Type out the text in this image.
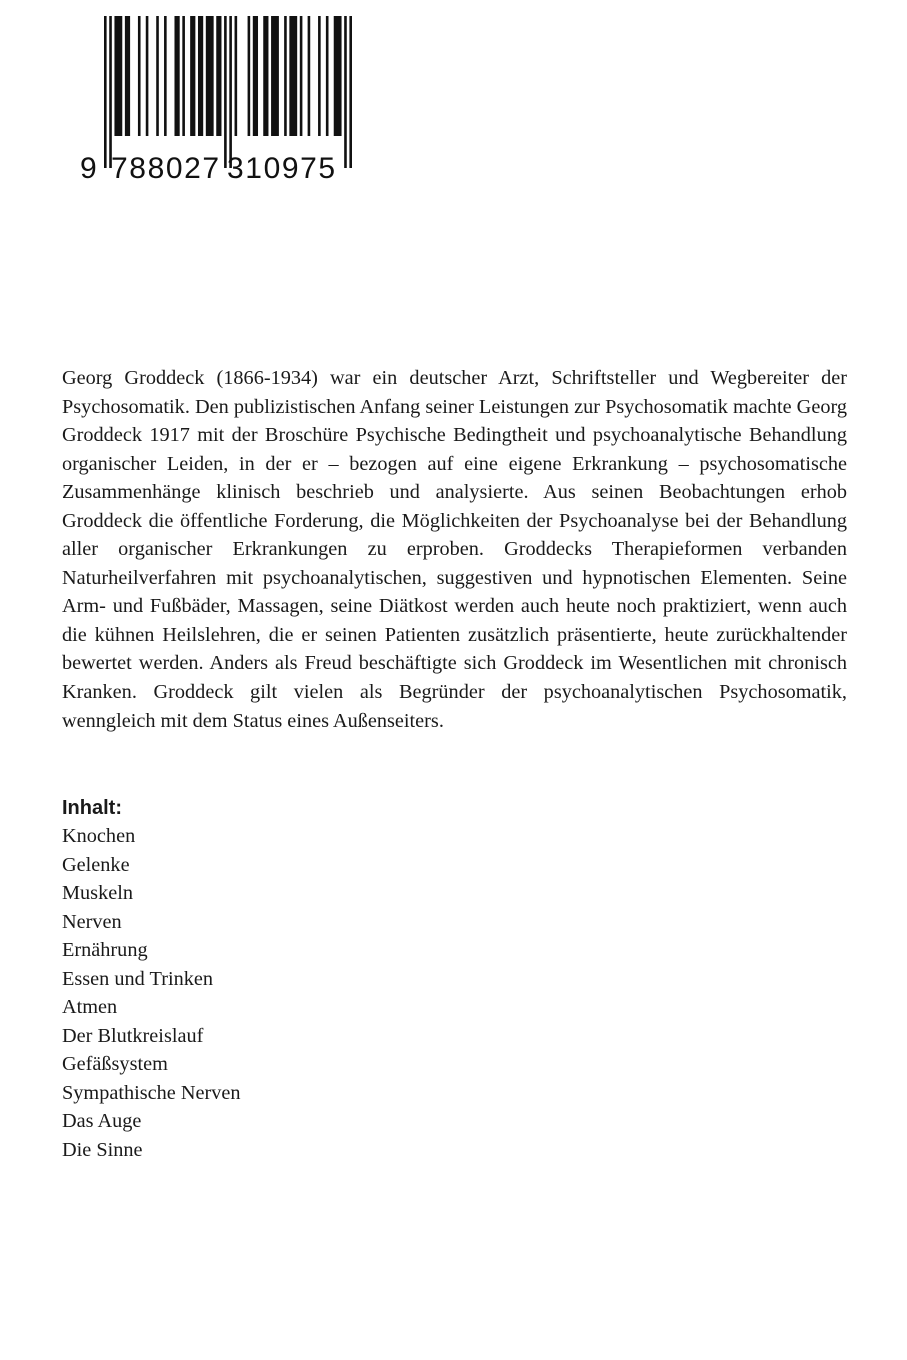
9 788027 310975

Georg Groddeck (1866-1934) war ein deutscher Arzt, Schriftsteller und Wegbereiter der Psychosomatik. Den publizistischen Anfang seiner Leistungen zur Psychosomatik machte Georg Groddeck 1917 mit der Broschüre Psychische Bedingtheit und psychoanalytische Behandlung organischer Leiden, in der er – bezogen auf eine eigene Erkrankung – psychosomatische Zusammenhänge klinisch beschrieb und analysierte. Aus seinen Beobachtungen erhob Groddeck die öffentliche Forderung, die Möglichkeiten der Psychoanalyse bei der Behandlung aller organischer Erkrankungen zu erproben. Groddecks Therapieformen verbanden Naturheilverfahren mit psychoanalytischen, suggestiven und hypnotischen Elementen. Seine Arm- und Fußbäder, Massagen, seine Diätkost werden auch heute noch praktiziert, wenn auch die kühnen Heilslehren, die er seinen Patienten zusätzlich präsentierte, heute zurückhaltender bewertet werden. Anders als Freud beschäftigte sich Groddeck im Wesentlichen mit chronisch Kranken. Groddeck gilt vielen als Begründer der psychoanalytischen Psychosomatik, wenngleich mit dem Status eines Außenseiters.

Inhalt:
Knochen
Gelenke
Muskeln
Nerven
Ernährung
Essen und Trinken
Atmen
Der Blutkreislauf
Gefäßsystem
Sympathische Nerven
Das Auge
Die Sinne
